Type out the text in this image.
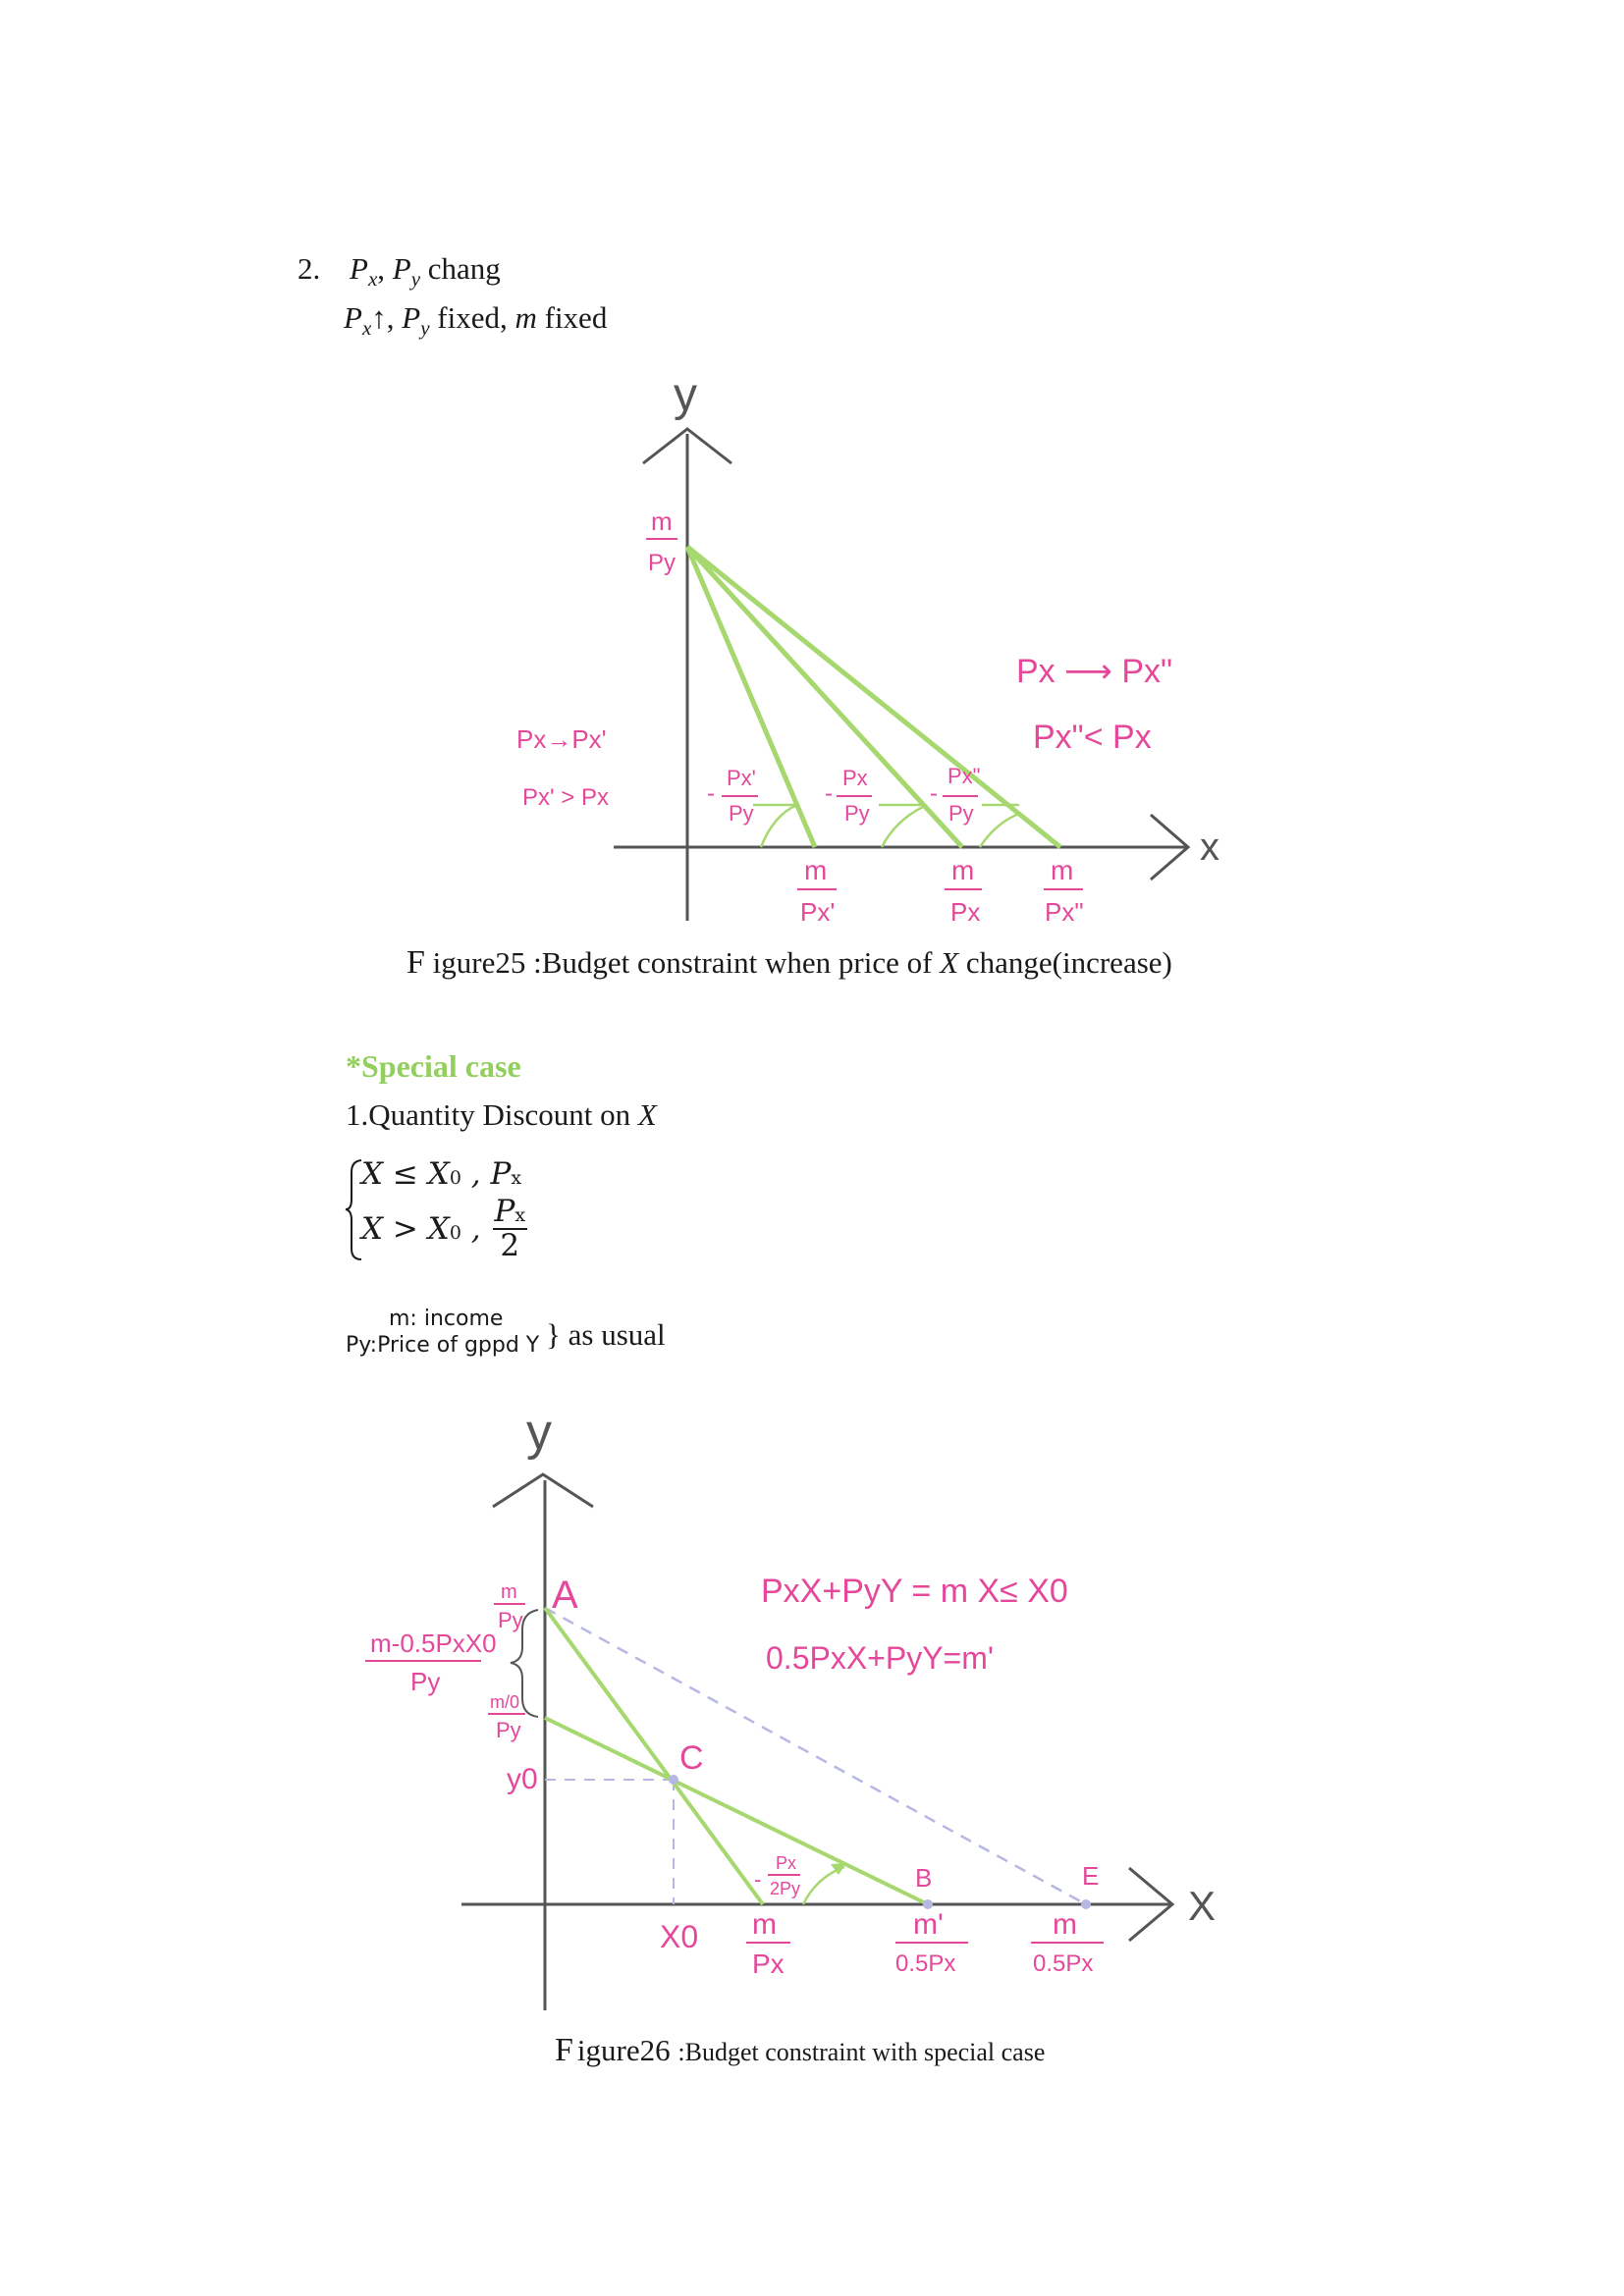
2. $P_x$, $P_y$ chang
$P_x↑$, $P_y$ fixed, m fixed
y
x
m
Py
Px→Px'
Px' > Px
Px ⟶ Px"
Px"< Px
-
Px'
Py
-
Px
Py
-
Px"
Py
m
Px'
m
Px
m
Px"
y
X
A
C
B	E
m
Py
m-0.5PxX0
Py
m/0
Py
y0
X0
PxX+PyY = m X≤ X0
0.5PxX+PyY=m'
-
Px
2Py
m
Px
m'
0.5Px
m
0.5Px
F igure25 :Budget constraint when price of X change(increase)
*Special case
1.Quantity Discount on X
X ≤ X0 , Px
X > X0 , $\frac{Px}{2}$
m: income
Py:Price of gppd Y } as usual
F igure26 :Budget constraint with special case
